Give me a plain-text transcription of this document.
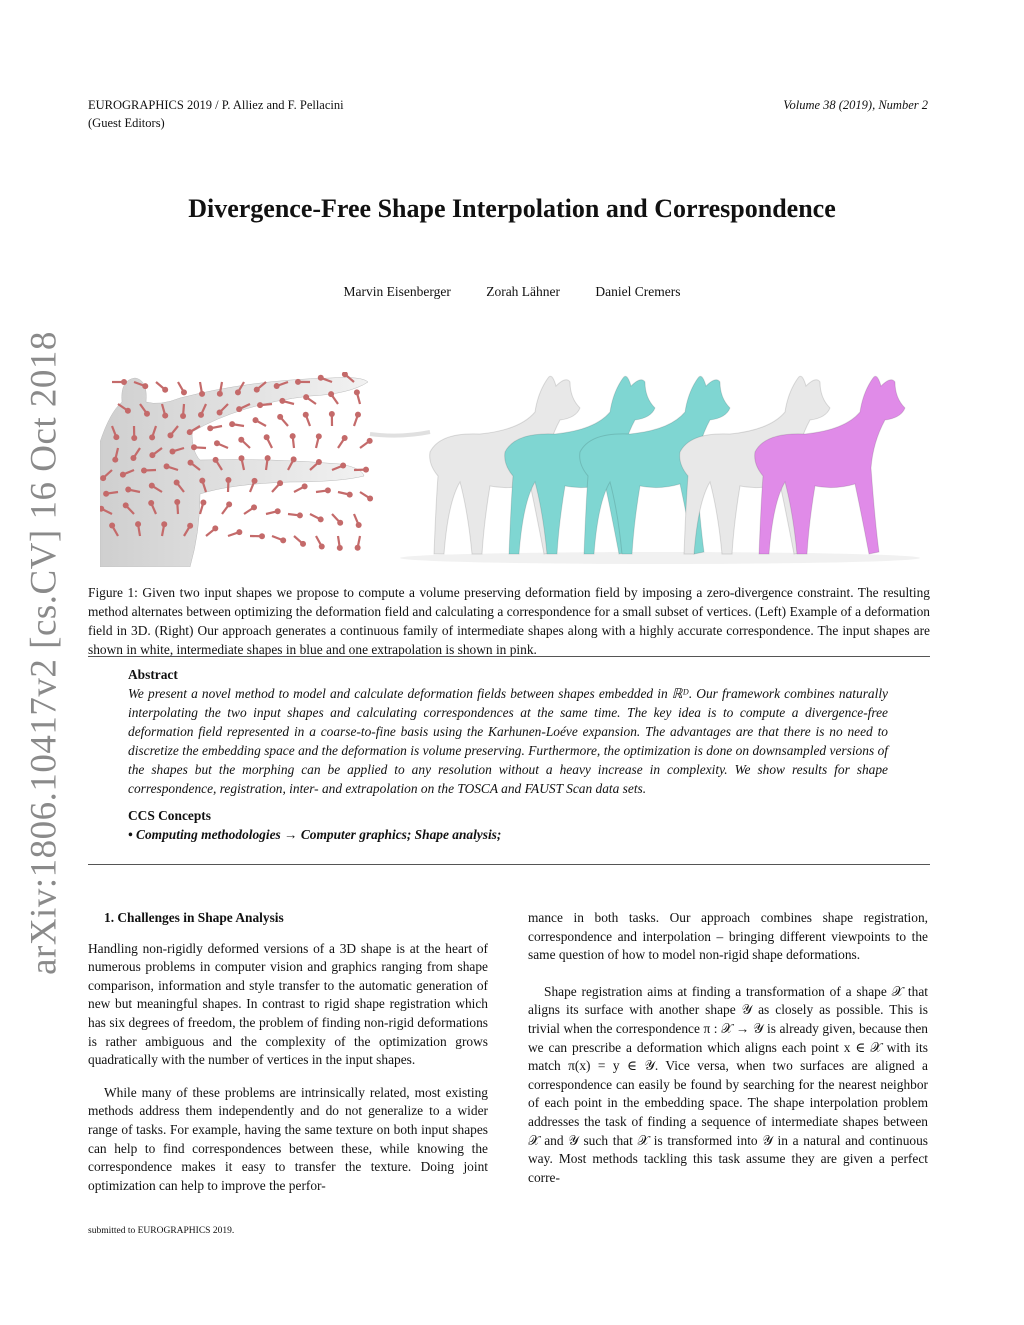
EUROGRAPHICS 2019 / P. Alliez and F. Pellacini
(Guest Editors)
Volume 38 (2019), Number 2
Divergence-Free Shape Interpolation and Correspondence
Marvin Eisenberger	Zorah Lähner	Daniel Cremers
arXiv:1806.10417v2 [cs.CV] 16 Oct 2018 Figure 1: Given two input shapes we propose to compute a volume preserving deformation field by imposing a zero-divergence constraint. The resulting method alternates between optimizing the deformation field and calculating a correspondence for a small subset of vertices. (Left) Example of a deformation field in 3D. (Right) Our approach generates a continuous family of intermediate shapes along with a highly accurate correspondence. The input shapes are shown in white, intermediate shapes in blue and one extrapolation is shown in pink.
Abstract
We present a novel method to model and calculate deformation fields between shapes embedded in ℝᴰ. Our framework combines naturally interpolating the two input shapes and calculating correspondences at the same time. The key idea is to compute a divergence-free deformation field represented in a coarse-to-fine basis using the Karhunen-Loéve expansion. The advantages are that there is no need to discretize the embedding space and the deformation is volume preserving. Furthermore, the optimization is done on downsampled versions of the shapes but the morphing can be applied to any resolution without a heavy increase in complexity. We show results for shape correspondence, registration, inter- and extrapolation on the TOSCA and FAUST Scan data sets.
CCS Concepts
• Computing methodologies → Computer graphics; Shape analysis;

1. Challenges in Shape Analysis

Handling non-rigidly deformed versions of a 3D shape is at the heart of numerous problems in computer vision and graphics ranging from shape comparison, information and style transfer to the automatic generation of new but meaningful shapes. In contrast to rigid shape registration which has six degrees of freedom, the problem of finding non-rigid deformations is rather ambiguous and the complexity of the optimization grows quadratically with the number of vertices in the input shapes.

While many of these problems are intrinsically related, most existing methods address them independently and do not generalize to a wider range of tasks. For example, having the same texture on both input shapes can help to find correspondences between these, while knowing the correspondence makes it easy to transfer the texture. Doing joint optimization can help to improve the perfor-

mance in both tasks. Our approach combines shape registration, correspondence and interpolation – bringing different viewpoints to the same question of how to model non-rigid shape deformations.

Shape registration aims at finding a transformation of a shape 𝒳 that aligns its surface with another shape 𝒴 as closely as possible. This is trivial when the correspondence π : 𝒳 → 𝒴 is already given, because then we can prescribe a deformation which aligns each point x ∈ 𝒳 with its match π(x) = y ∈ 𝒴. Vice versa, when two surfaces are aligned a correspondence can easily be found by searching for the nearest neighbor of each point in the embedding space. The shape interpolation problem addresses the task of finding a sequence of intermediate shapes between 𝒳 and 𝒴 such that 𝒳 is transformed into 𝒴 in a natural and continuous way. Most methods tackling this task assume they are given a perfect corre-

submitted to EUROGRAPHICS 2019.
